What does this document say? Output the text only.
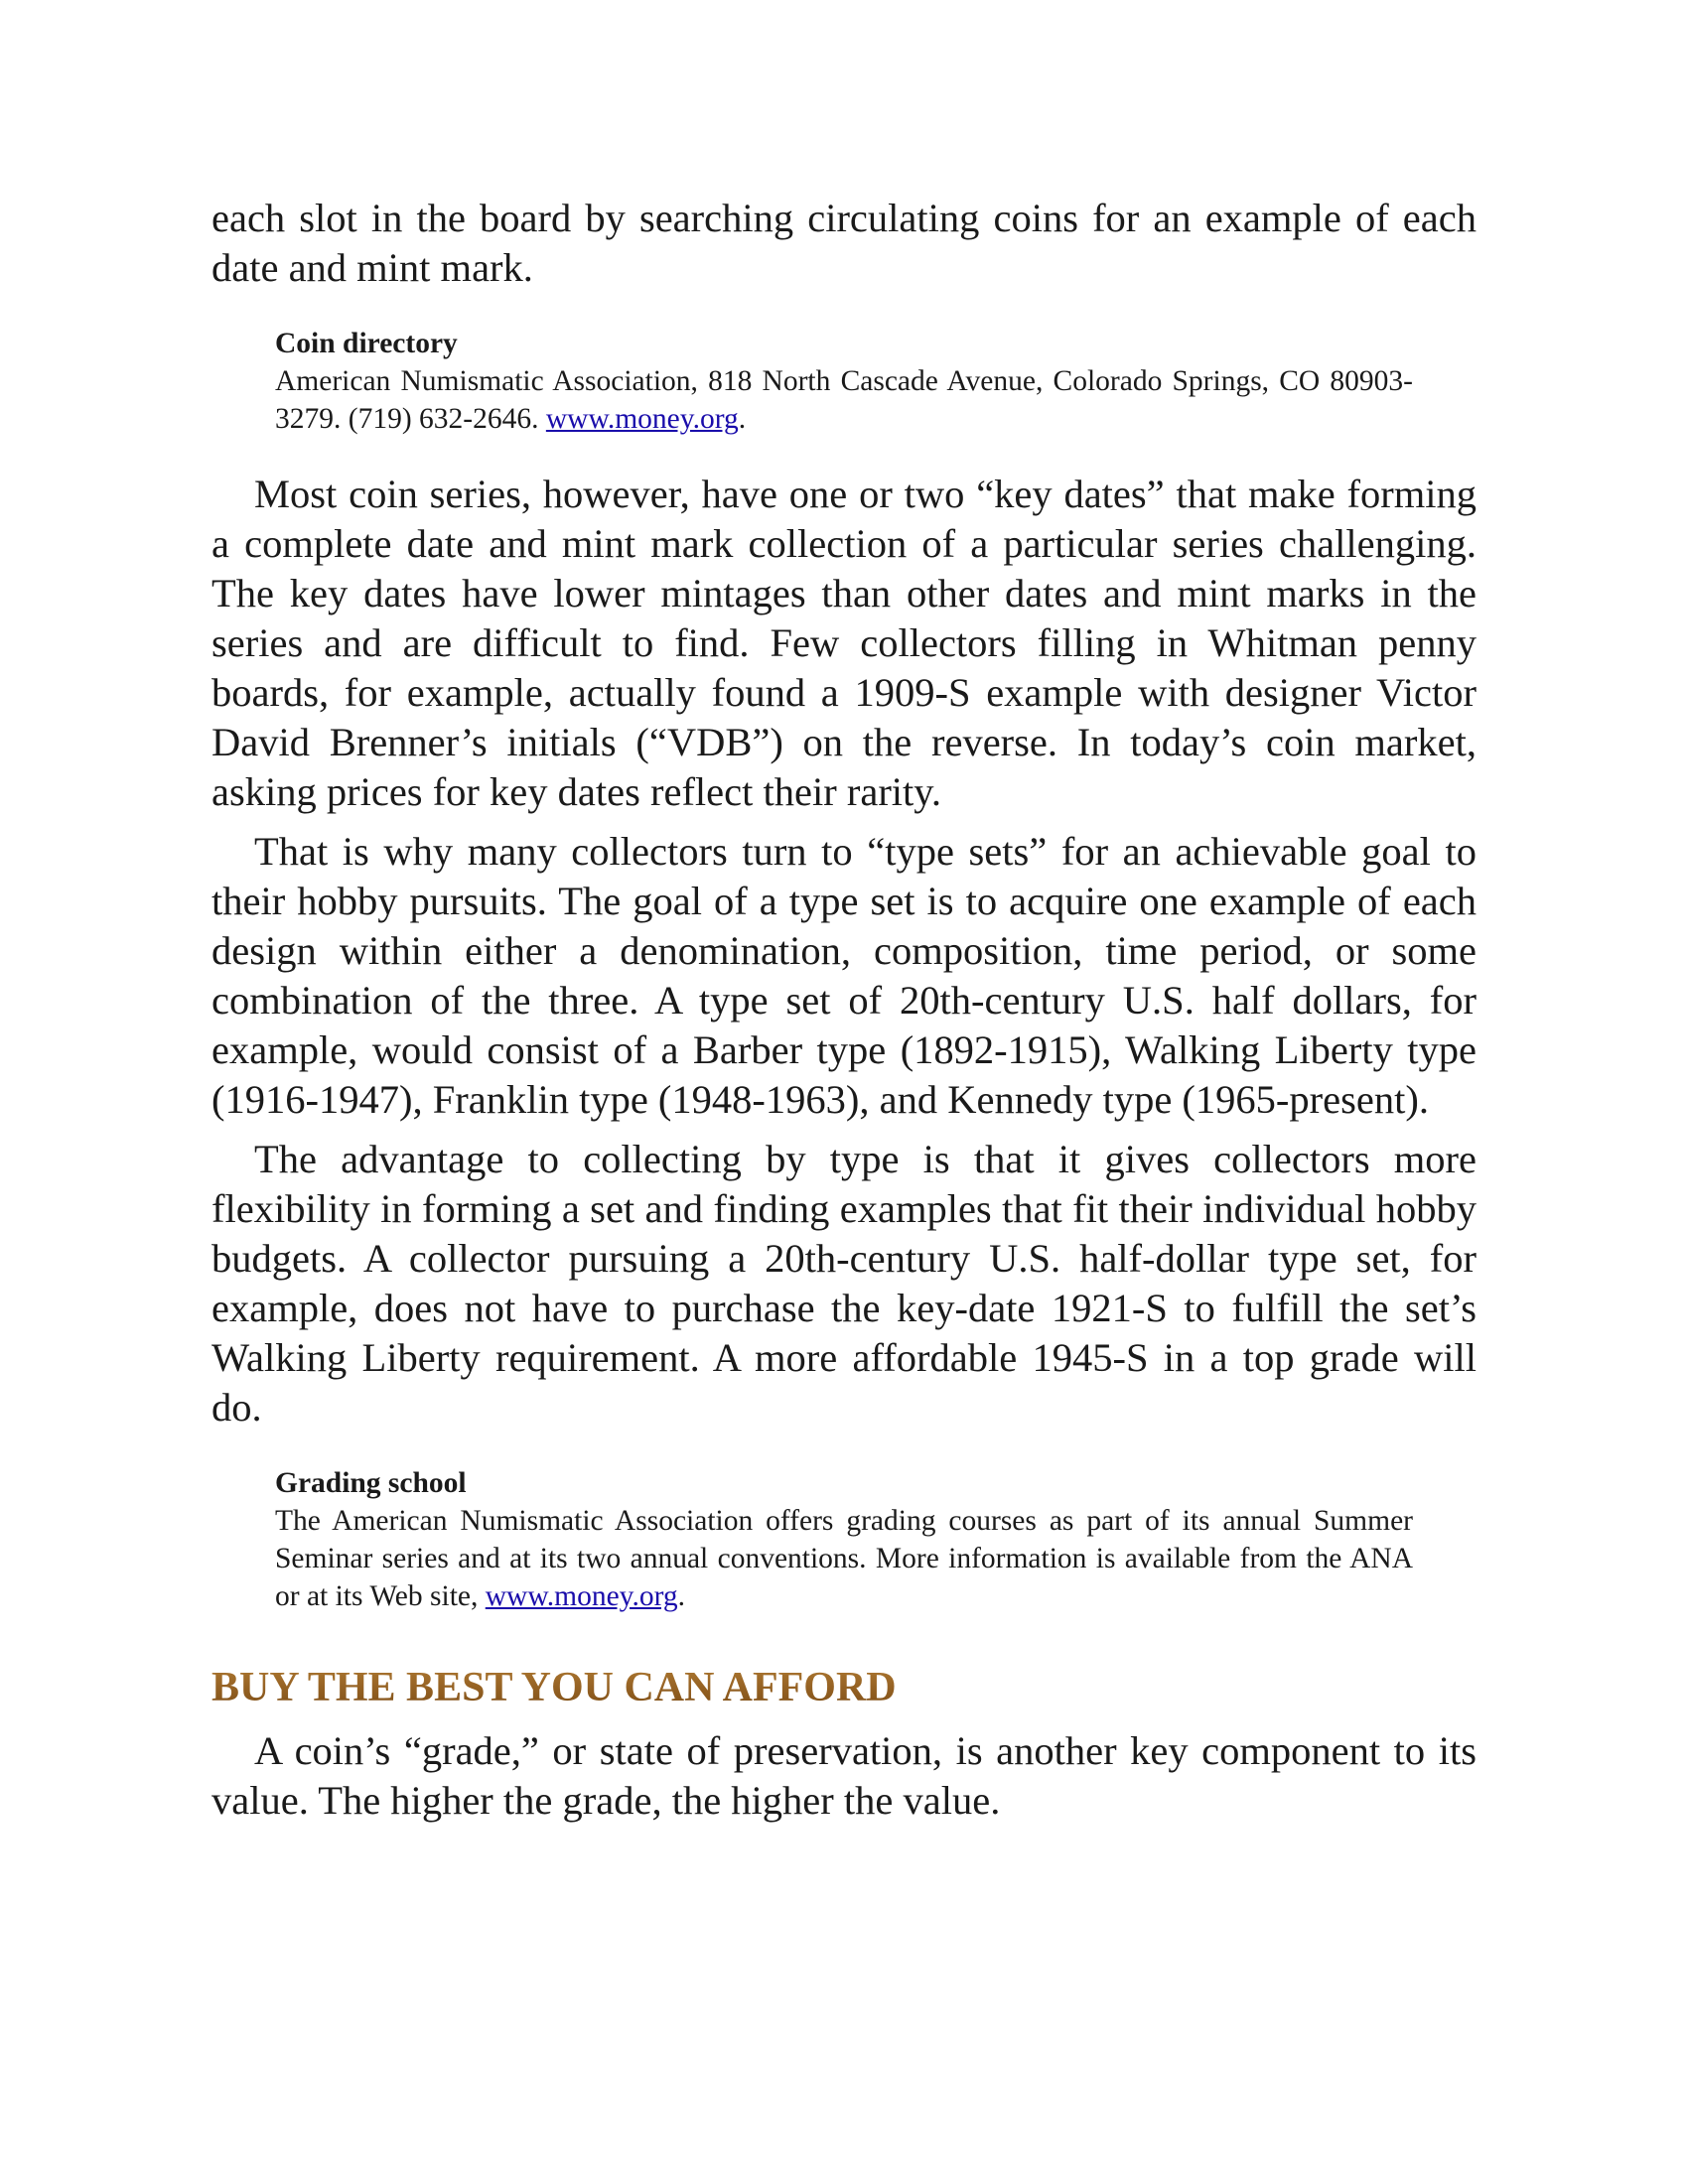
each slot in the board by searching circulating coins for an example of each date and mint mark.

Coin directory
American Numismatic Association, 818 North Cascade Avenue, Colorado Springs, CO 80903-3279. (719) 632-2646. www.money.org.

Most coin series, however, have one or two “key dates” that make forming a complete date and mint mark collection of a particular series challenging. The key dates have lower mintages than other dates and mint marks in the series and are difficult to find. Few collectors filling in Whitman penny boards, for example, actually found a 1909-S example with designer Victor David Brenner’s initials (“VDB”) on the reverse. In today’s coin market, asking prices for key dates reflect their rarity.

That is why many collectors turn to “type sets” for an achievable goal to their hobby pursuits. The goal of a type set is to acquire one example of each design within either a denomination, composition, time period, or some combination of the three. A type set of 20th-century U.S. half dollars, for example, would consist of a Barber type (1892-1915), Walking Liberty type (1916-1947), Franklin type (1948-1963), and Kennedy type (1965-present).

The advantage to collecting by type is that it gives collectors more flexibility in forming a set and finding examples that fit their individual hobby budgets. A collector pursuing a 20th-century U.S. half-dollar type set, for example, does not have to purchase the key-date 1921-S to fulfill the set’s Walking Liberty requirement. A more affordable 1945-S in a top grade will do.

Grading school
The American Numismatic Association offers grading courses as part of its annual Summer Seminar series and at its two annual conventions. More information is available from the ANA or at its Web site, www.money.org.
BUY THE BEST YOU CAN AFFORD

A coin’s “grade,” or state of preservation, is another key component to its value. The higher the grade, the higher the value.
